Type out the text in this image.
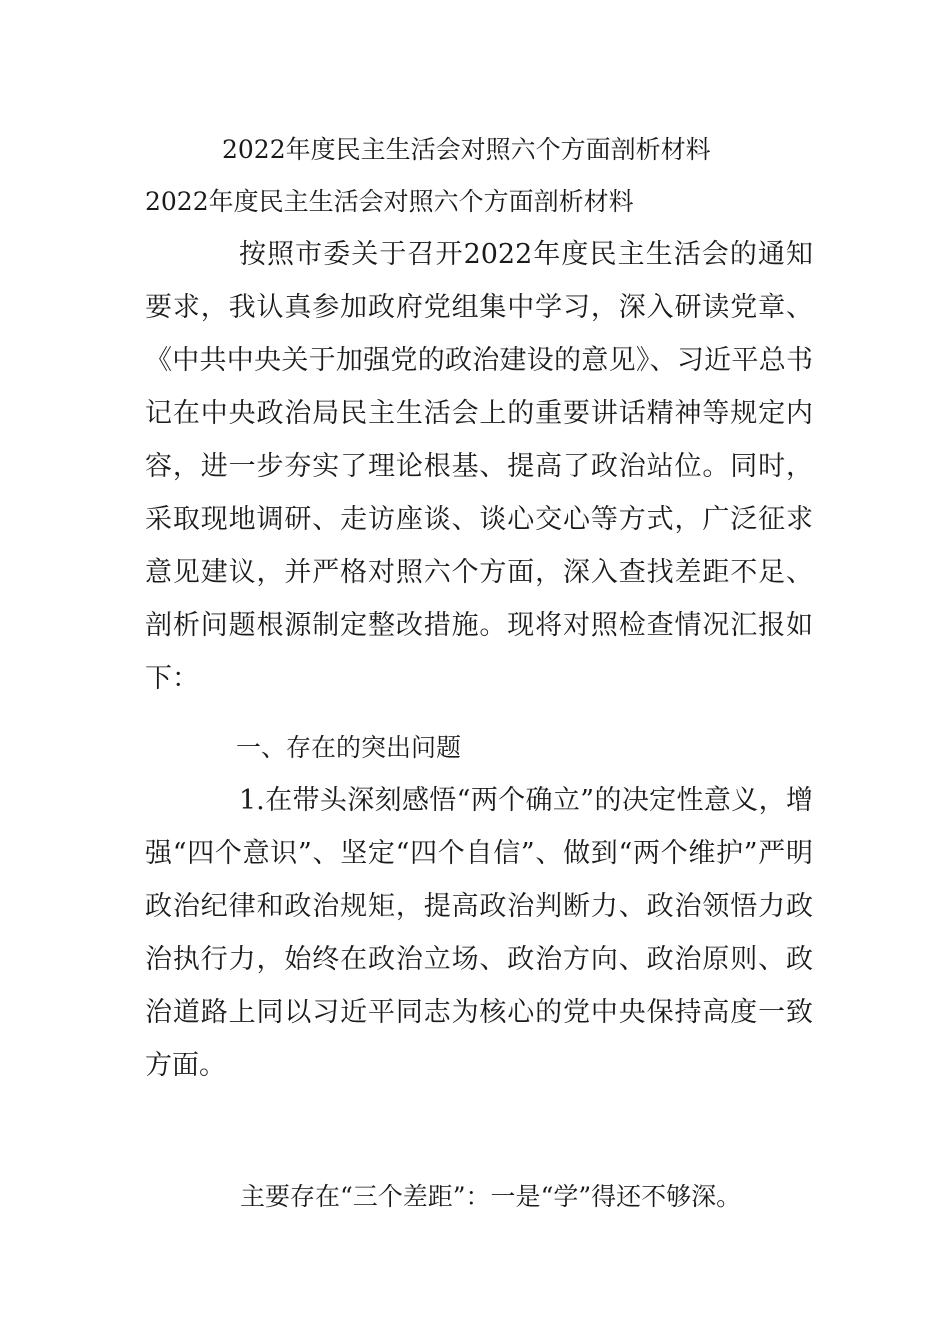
2022年度民主生活会对照六个方面剖析材料
2022年度民主生活会对照六个方面剖析材料

按照市委关于召开2022年度民主生活会的通知要求，我认真参加政府党组集中学习，深入研读党章、《中共中央关于加强党的政治建设的意见》、习近平总书记在中央政治局民主生活会上的重要讲话精神等规定内容，进一步夯实了理论根基、提高了政治站位。同时，采取现地调研、走访座谈、谈心交心等方式，广泛征求意见建议，并严格对照六个方面，深入查找差距不足、剖析问题根源制定整改措施。现将对照检查情况汇报如下：

一、存在的突出问题

1.在带头深刻感悟“两个确立”的决定性意义，增强“四个意识”、坚定“四个自信”、做到“两个维护”严明政治纪律和政治规矩，提高政治判断力、政治领悟力政治执行力，始终在政治立场、政治方向、政治原则、政治道路上同以习近平同志为核心的党中央保持高度一致方面。

主要存在“三个差距”：一是“学”得还不够深。
